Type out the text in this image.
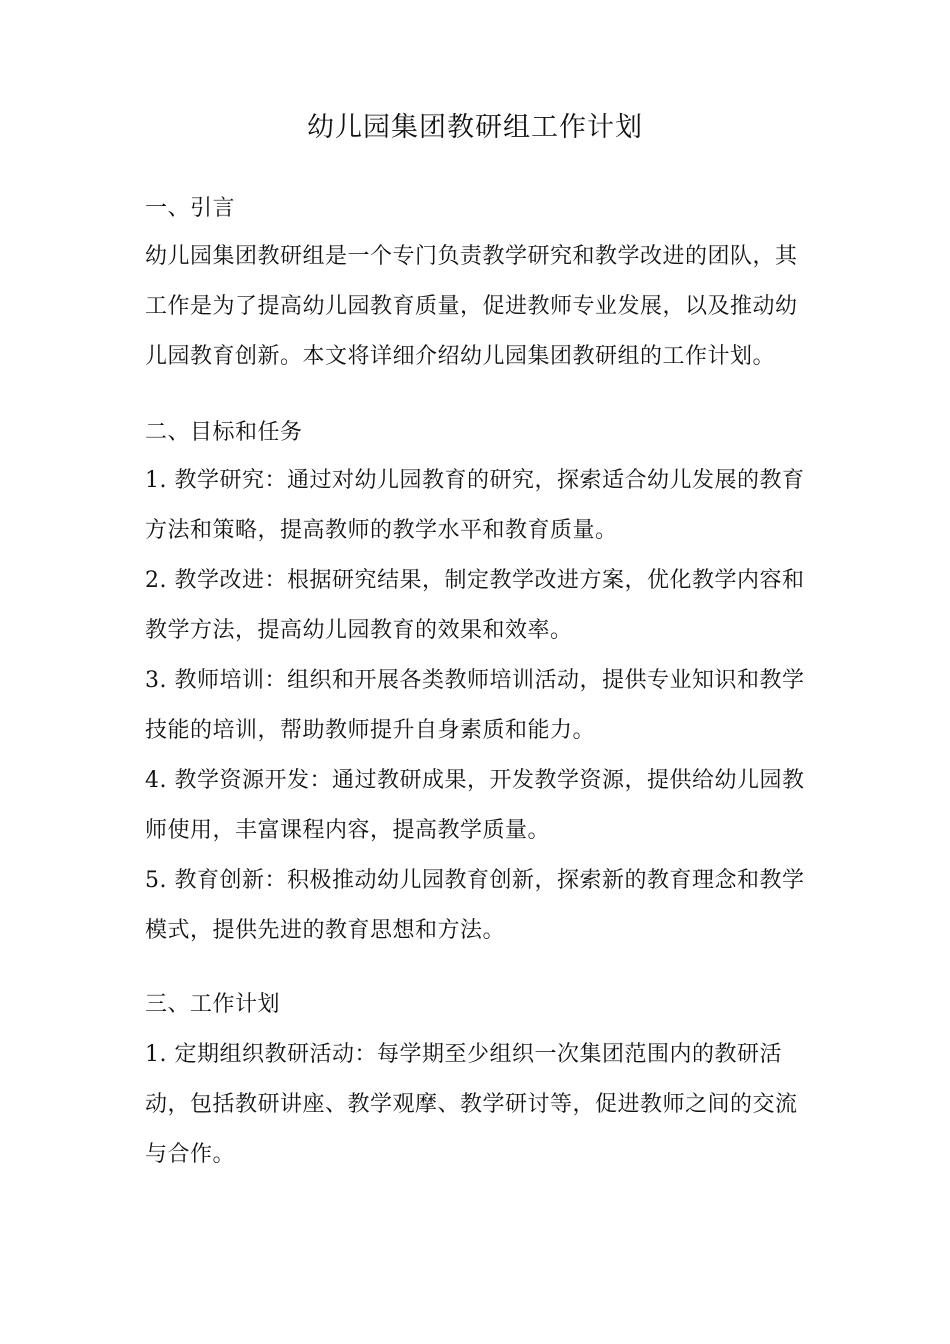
幼儿园集团教研组工作计划
一、引言

幼儿园集团教研组是一个专门负责教学研究和教学改进的团队，其工作是为了提高幼儿园教育质量，促进教师专业发展，以及推动幼儿园教育创新。本文将详细介绍幼儿园集团教研组的工作计划。

二、目标和任务

1. 教学研究：通过对幼儿园教育的研究，探索适合幼儿发展的教育方法和策略，提高教师的教学水平和教育质量。

2. 教学改进：根据研究结果，制定教学改进方案，优化教学内容和教学方法，提高幼儿园教育的效果和效率。

3. 教师培训：组织和开展各类教师培训活动，提供专业知识和教学技能的培训，帮助教师提升自身素质和能力。

4. 教学资源开发：通过教研成果，开发教学资源，提供给幼儿园教师使用，丰富课程内容，提高教学质量。

5. 教育创新：积极推动幼儿园教育创新，探索新的教育理念和教学模式，提供先进的教育思想和方法。

三、工作计划

1. 定期组织教研活动：每学期至少组织一次集团范围内的教研活动，包括教研讲座、教学观摩、教学研讨等，促进教师之间的交流与合作。
